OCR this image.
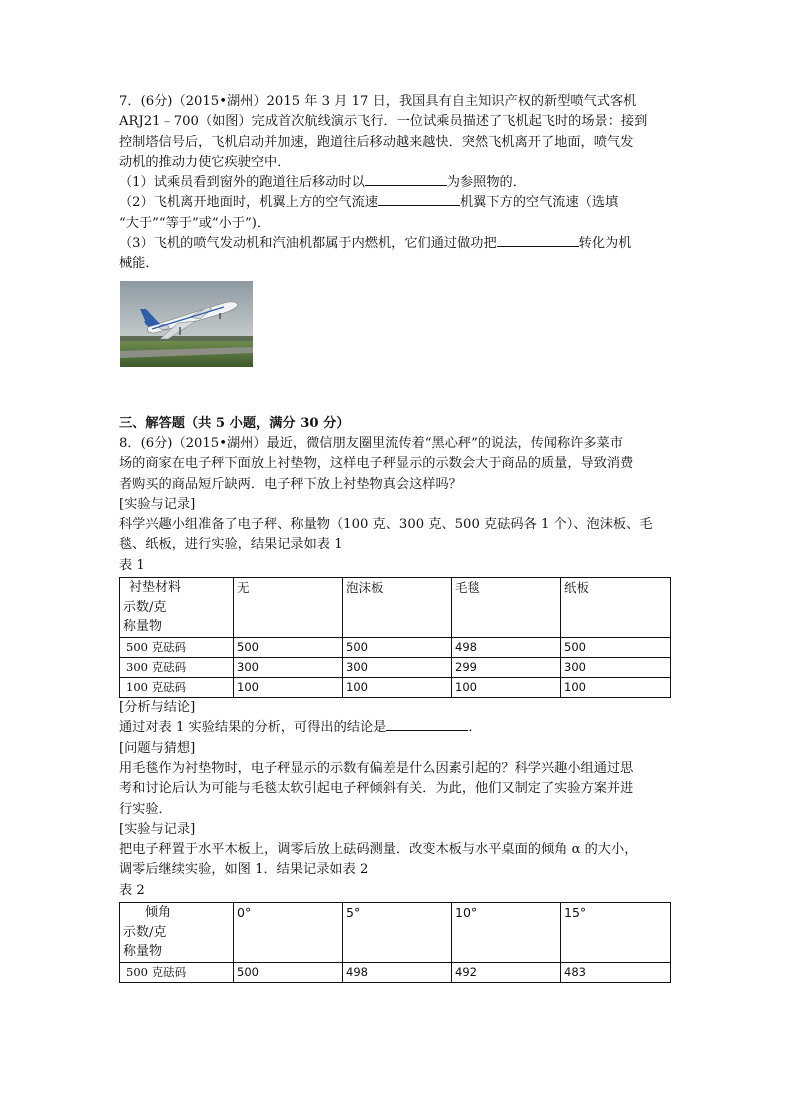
7．(6分)（2015•湖州）2015 年 3 月 17 日，我国具有自主知识产权的新型喷气式客机
ARJ21﹣700（如图）完成首次航线演示飞行．一位试乘员描述了飞机起飞时的场景：接到
控制塔信号后，飞机启动并加速，跑道往后移动越来越快．突然飞机离开了地面，喷气发
动机的推动力使它疾驶空中．
（1）试乘员看到窗外的跑道往后移动时以	为参照物的．
（2）飞机离开地面时，机翼上方的空气流速	机翼下方的空气流速（选填
“大于”“等于”或“小于”)．
（3）飞机的喷气发动机和汽油机都属于内燃机，它们通过做功把	转化为机
械能．
三、解答题（共 5 小题，满分 30 分）
8．(6分)（2015•湖州）最近，微信朋友圈里流传着“黑心秤”的说法，传闻称许多菜市
场的商家在电子秤下面放上衬垫物，这样电子秤显示的示数会大于商品的质量，导致消费
者购买的商品短斤缺两．电子秤下放上衬垫物真会这样吗？
[实验与记录]
科学兴趣小组准备了电子秤、称量物（100 克、300 克、500 克砝码各 1 个）、泡沫板、毛
毯、纸板，进行实验，结果记录如表 1
表 1
衬垫材料
示数/克
称量物	无	泡沫板	毛毯	纸板
500 克砝码	500	500	498	500
300 克砝码	300	300	299	300
100 克砝码	100	100	100	100
[分析与结论]
通过对表 1 实验结果的分析，可得出的结论是	．
[问题与猜想]
用毛毯作为衬垫物时，电子秤显示的示数有偏差是什么因素引起的？科学兴趣小组通过思
考和讨论后认为可能与毛毯太软引起电子秤倾斜有关．为此，他们又制定了实验方案并进
行实验．
[实验与记录]
把电子秤置于水平木板上，调零后放上砝码测量．改变木板与水平桌面的倾角 α 的大小，
调零后继续实验，如图 1．结果记录如表 2
表 2
倾角
示数/克
称量物	0°	5°	10°	15°
500 克砝码	500	498	492	483
